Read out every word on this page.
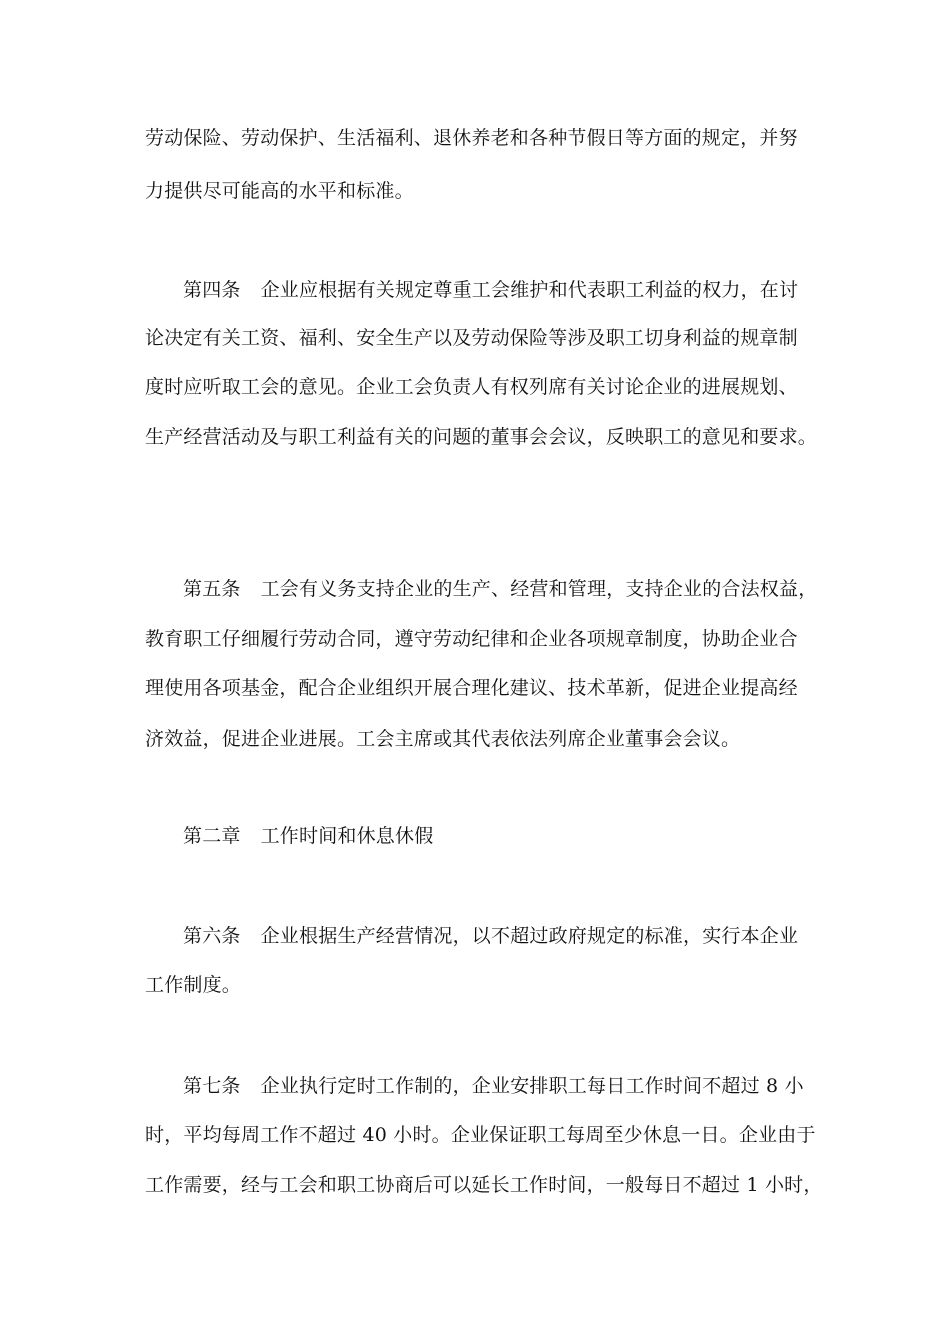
劳动保险、劳动保护、生活福利、退休养老和各种节假日等方面的规定，并努
力提供尽可能高的水平和标准。
第四条 企业应根据有关规定尊重工会维护和代表职工利益的权力，在讨
论决定有关工资、福利、安全生产以及劳动保险等涉及职工切身利益的规章制
度时应听取工会的意见。企业工会负责人有权列席有关讨论企业的进展规划、
生产经营活动及与职工利益有关的问题的董事会会议，反映职工的意见和要求。
第五条 工会有义务支持企业的生产、经营和管理，支持企业的合法权益，
教育职工仔细履行劳动合同，遵守劳动纪律和企业各项规章制度，协助企业合
理使用各项基金，配合企业组织开展合理化建议、技术革新，促进企业提高经
济效益，促进企业进展。工会主席或其代表依法列席企业董事会会议。
第二章 工作时间和休息休假
第六条 企业根据生产经营情况，以不超过政府规定的标准，实行本企业
工作制度。
第七条 企业执行定时工作制的，企业安排职工每日工作时间不超过 8 小
时，平均每周工作不超过 40 小时。企业保证职工每周至少休息一日。企业由于
工作需要，经与工会和职工协商后可以延长工作时间，一般每日不超过 1 小时，
